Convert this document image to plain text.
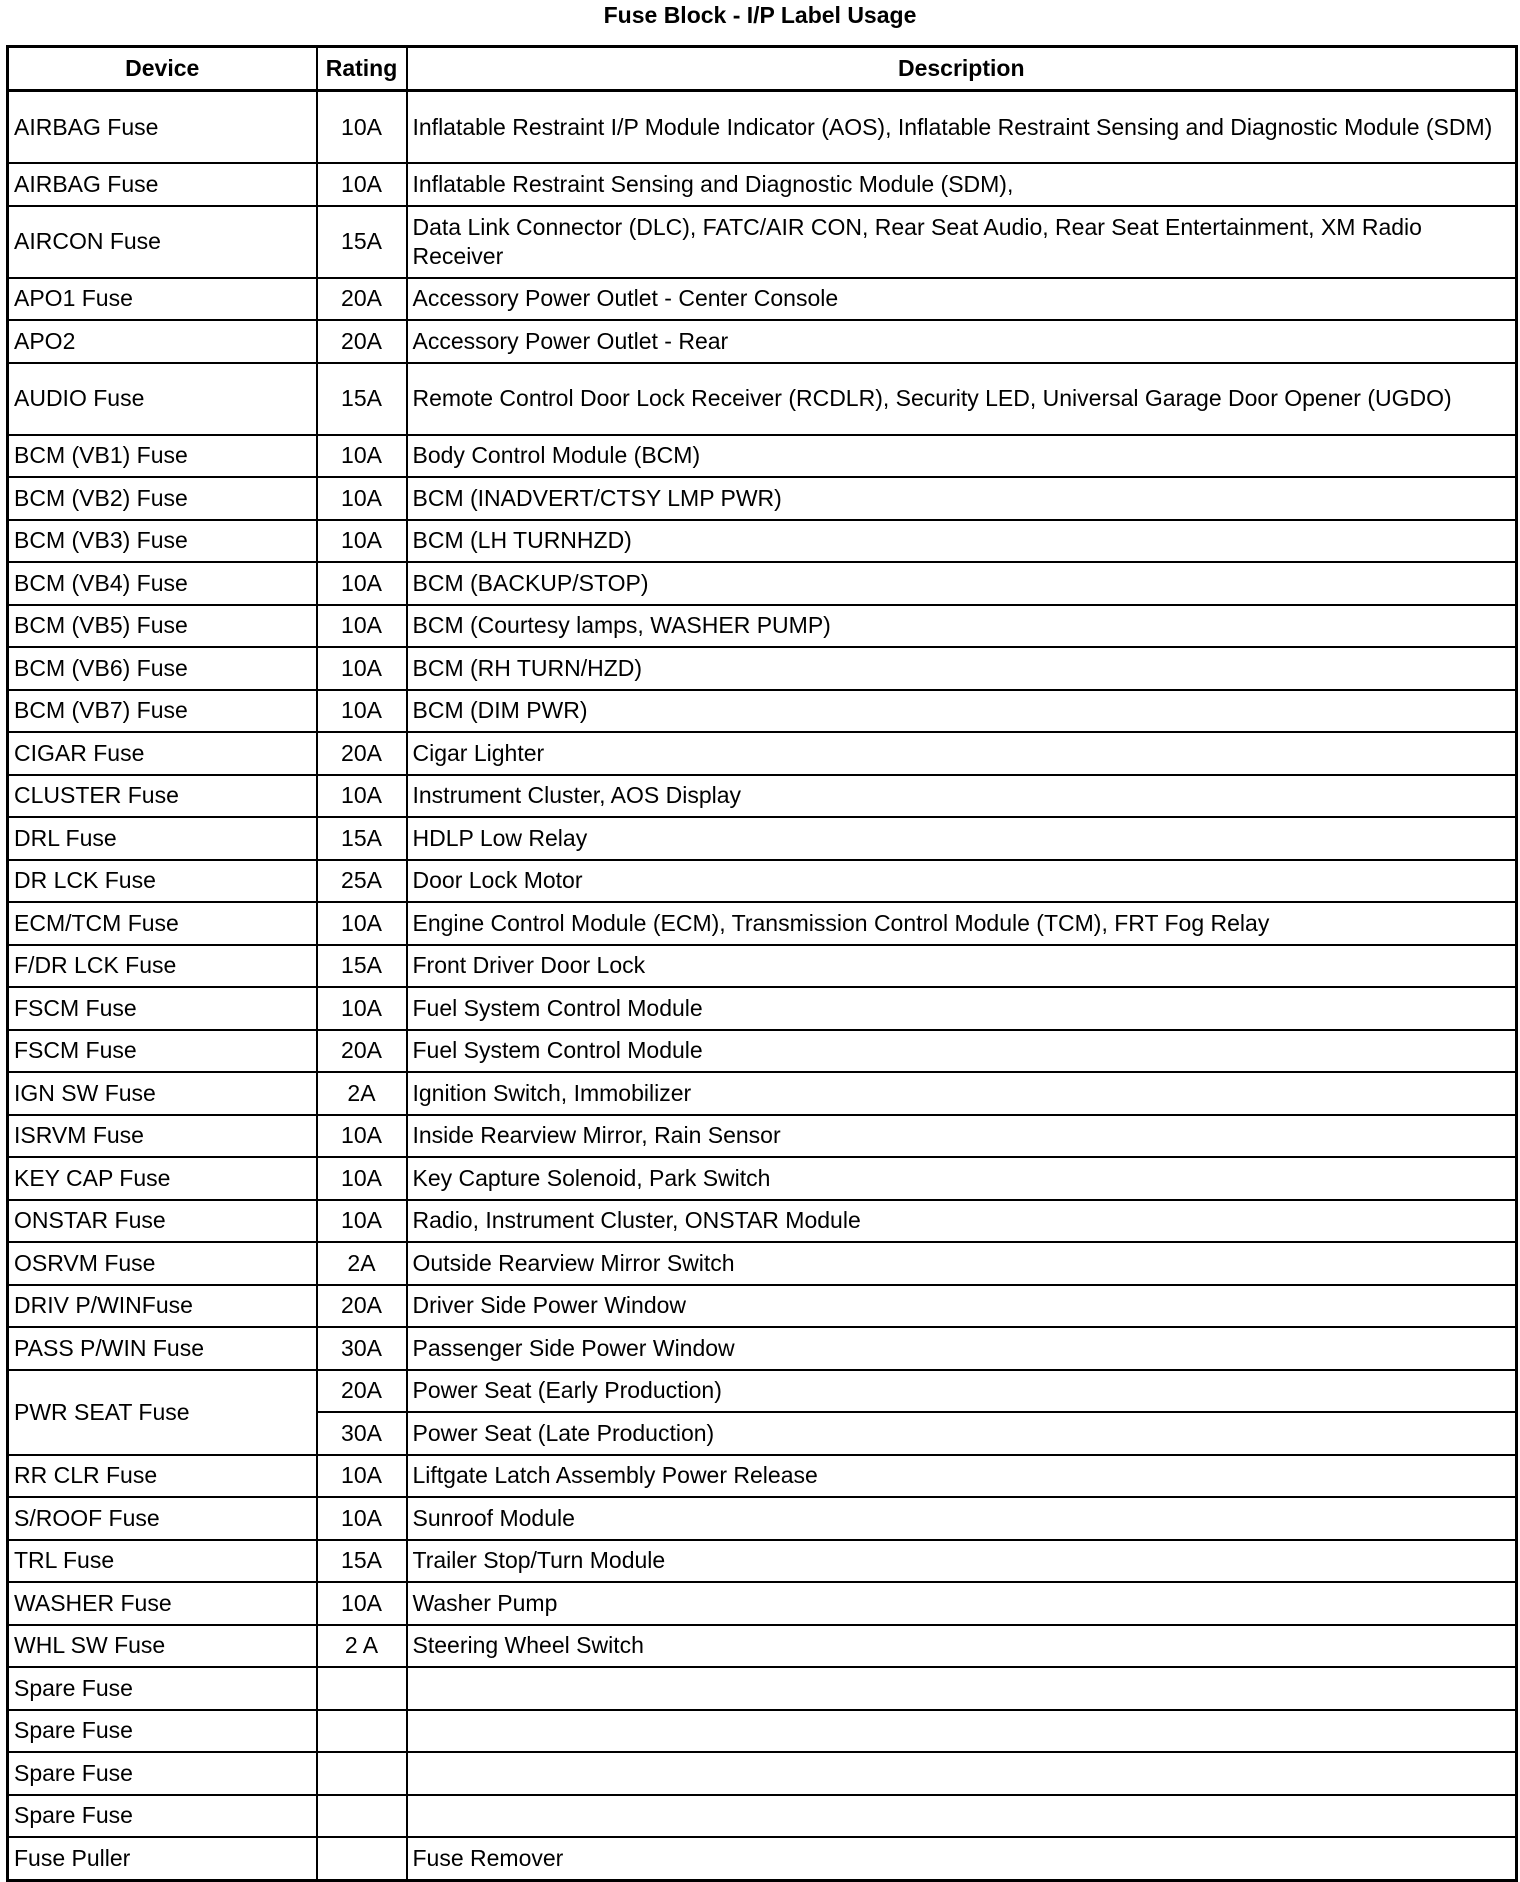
Fuse Block - I/P Label Usage
Device	Rating	Description
AIRBAG Fuse	10A	Inflatable Restraint I/P Module Indicator (AOS), Inflatable Restraint Sensing and Diagnostic Module (SDM)
AIRBAG Fuse	10A	Inflatable Restraint Sensing and Diagnostic Module (SDM),
AIRCON Fuse	15A	Data Link Connector (DLC), FATC/AIR CON, Rear Seat Audio, Rear Seat Entertainment, XM Radio Receiver
APO1 Fuse	20A	Accessory Power Outlet - Center Console
APO2	20A	Accessory Power Outlet - Rear
AUDIO Fuse	15A	Remote Control Door Lock Receiver (RCDLR), Security LED, Universal Garage Door Opener (UGDO)
BCM (VB1) Fuse	10A	Body Control Module (BCM)
BCM (VB2) Fuse	10A	BCM (INADVERT/CTSY LMP PWR)
BCM (VB3) Fuse	10A	BCM (LH TURNHZD)
BCM (VB4) Fuse	10A	BCM (BACKUP/STOP)
BCM (VB5) Fuse	10A	BCM (Courtesy lamps, WASHER PUMP)
BCM (VB6) Fuse	10A	BCM (RH TURN/HZD)
BCM (VB7) Fuse	10A	BCM (DIM PWR)
CIGAR Fuse	20A	Cigar Lighter
CLUSTER Fuse	10A	Instrument Cluster, AOS Display
DRL Fuse	15A	HDLP Low Relay
DR LCK Fuse	25A	Door Lock Motor
ECM/TCM Fuse	10A	Engine Control Module (ECM), Transmission Control Module (TCM), FRT Fog Relay
F/DR LCK Fuse	15A	Front Driver Door Lock
FSCM Fuse	10A	Fuel System Control Module
FSCM Fuse	20A	Fuel System Control Module
IGN SW Fuse	2A	Ignition Switch, Immobilizer
ISRVM Fuse	10A	Inside Rearview Mirror, Rain Sensor
KEY CAP Fuse	10A	Key Capture Solenoid, Park Switch
ONSTAR Fuse	10A	Radio, Instrument Cluster, ONSTAR Module
OSRVM Fuse	2A	Outside Rearview Mirror Switch
DRIV P/WINFuse	20A	Driver Side Power Window
PASS P/WIN Fuse	30A	Passenger Side Power Window
PWR SEAT Fuse	20A	Power Seat (Early Production)
	30A	Power Seat (Late Production)
RR CLR Fuse	10A	Liftgate Latch Assembly Power Release
S/ROOF Fuse	10A	Sunroof Module
TRL Fuse	15A	Trailer Stop/Turn Module
WASHER Fuse	10A	Washer Pump
WHL SW Fuse	2 A	Steering Wheel Switch
Spare Fuse		
Spare Fuse		
Spare Fuse		
Spare Fuse		
Fuse Puller		Fuse Remover
